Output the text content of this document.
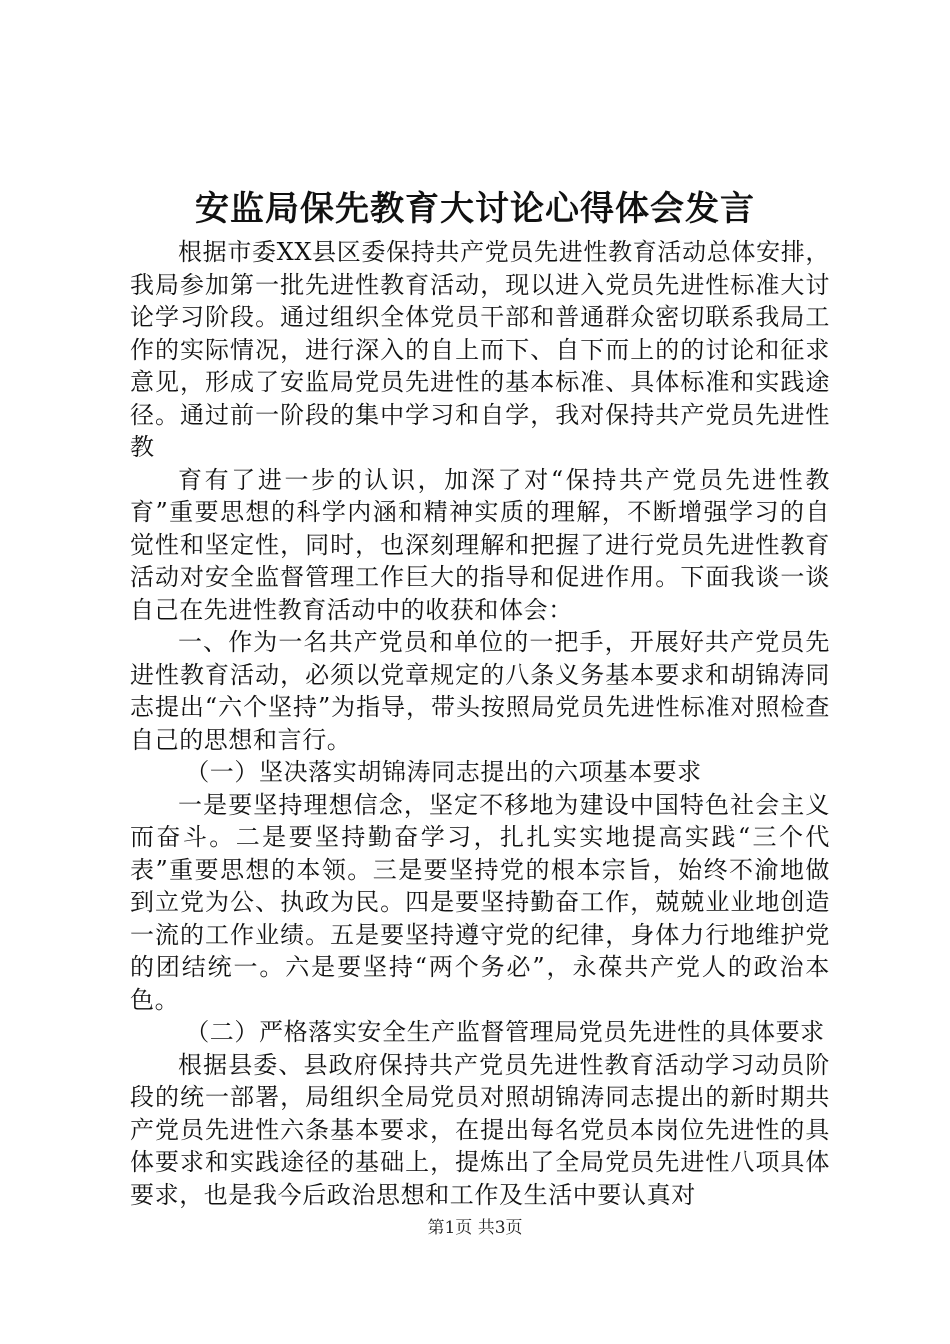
安监局保先教育大讨论心得体会发言

根据市委XX县区委保持共产党员先进性教育活动总体安排，我局参加第一批先进性教育活动，现以进入党员先进性标准大讨论学习阶段。通过组织全体党员干部和普通群众密切联系我局工作的实际情况，进行深入的自上而下、自下而上的的讨论和征求意见，形成了安监局党员先进性的基本标准、具体标准和实践途径。通过前一阶段的集中学习和自学，我对保持共产党员先进性教

育有了进一步的认识，加深了对“保持共产党员先进性教育”重要思想的科学内涵和精神实质的理解，不断增强学习的自觉性和坚定性，同时，也深刻理解和把握了进行党员先进性教育活动对安全监督管理工作巨大的指导和促进作用。下面我谈一谈自己在先进性教育活动中的收获和体会：

一、作为一名共产党员和单位的一把手，开展好共产党员先进性教育活动，必须以党章规定的八条义务基本要求和胡锦涛同志提出“六个坚持”为指导，带头按照局党员先进性标准对照检查自己的思想和言行。

（一）坚决落实胡锦涛同志提出的六项基本要求

一是要坚持理想信念，坚定不移地为建设中国特色社会主义而奋斗。二是要坚持勤奋学习，扎扎实实地提高实践“三个代表”重要思想的本领。三是要坚持党的根本宗旨，始终不渝地做到立党为公、执政为民。四是要坚持勤奋工作，兢兢业业地创造一流的工作业绩。五是要坚持遵守党的纪律，身体力行地维护党的团结统一。六是要坚持“两个务必”，永葆共产党人的政治本色。

（二）严格落实安全生产监督管理局党员先进性的具体要求

根据县委、县政府保持共产党员先进性教育活动学习动员阶段的统一部署，局组织全局党员对照胡锦涛同志提出的新时期共产党员先进性六条基本要求，在提出每名党员本岗位先进性的具体要求和实践途径的基础上，提炼出了全局党员先进性八项具体要求，也是我今后政治思想和工作及生活中要认真对

第1页 共3页
